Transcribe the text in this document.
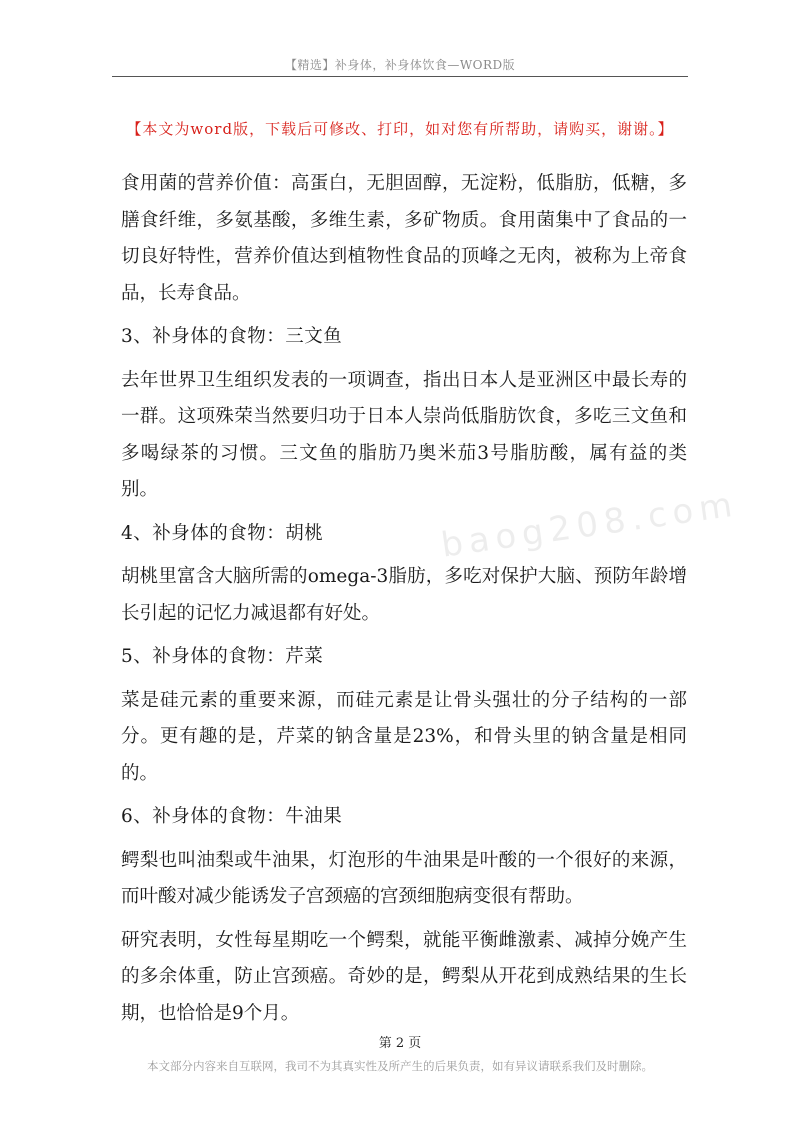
【精选】补身体，补身体饮食—WORD版
【本文为word版，下载后可修改、打印，如对您有所帮助，请购买，谢谢。】
baog208.com

食用菌的营养价值：高蛋白，无胆固醇，无淀粉，低脂肪，低糖，多膳食纤维，多氨基酸，多维生素，多矿物质。食用菌集中了食品的一切良好特性，营养价值达到植物性食品的顶峰之无肉，被称为上帝食品，长寿食品。

3、补身体的食物：三文鱼

去年世界卫生组织发表的一项调查，指出日本人是亚洲区中最长寿的一群。这项殊荣当然要归功于日本人崇尚低脂肪饮食，多吃三文鱼和多喝绿茶的习惯。三文鱼的脂肪乃奥米茄3号脂肪酸，属有益的类别。

4、补身体的食物：胡桃

胡桃里富含大脑所需的omega-3脂肪，多吃对保护大脑、预防年龄增长引起的记忆力减退都有好处。

5、补身体的食物：芹菜

菜是硅元素的重要来源，而硅元素是让骨头强壮的分子结构的一部分。更有趣的是，芹菜的钠含量是23%，和骨头里的钠含量是相同的。

6、补身体的食物：牛油果

鳄梨也叫油梨或牛油果，灯泡形的牛油果是叶酸的一个很好的来源，而叶酸对减少能诱发子宫颈癌的宫颈细胞病变很有帮助。

研究表明，女性每星期吃一个鳄梨，就能平衡雌激素、减掉分娩产生的多余体重，防止宫颈癌。奇妙的是，鳄梨从开花到成熟结果的生长期，也恰恰是9个月。

第 2 页
本文部分内容来自互联网，我司不为其真实性及所产生的后果负责，如有异议请联系我们及时删除。
